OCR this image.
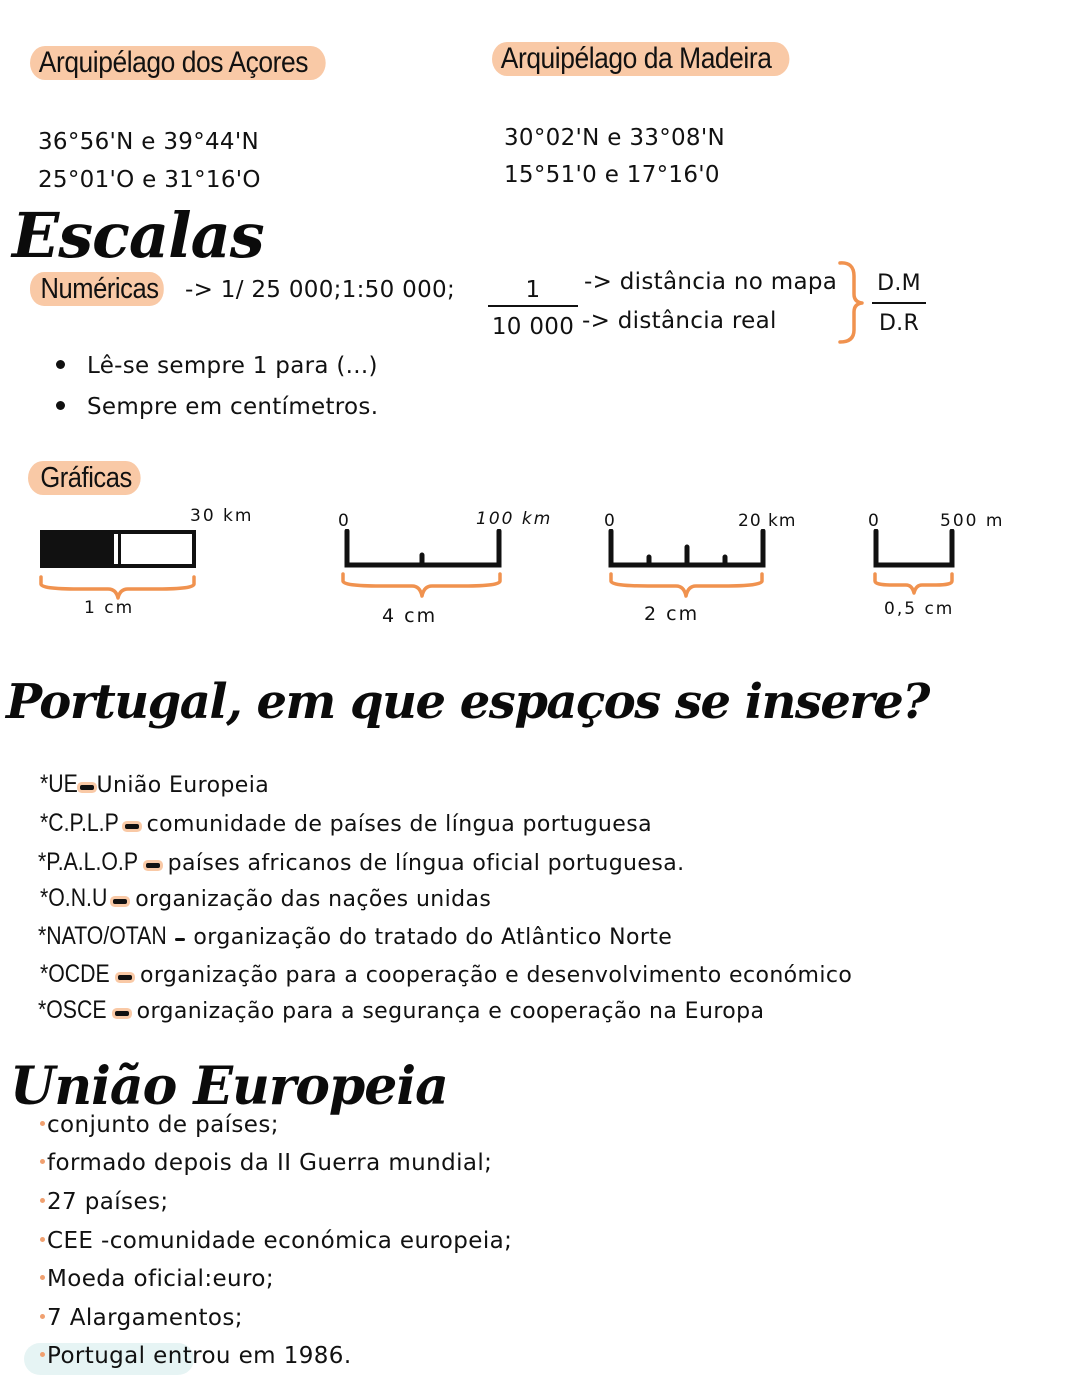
Arquipélago dos Açores
36°56'N e 39°44'N
25°01'O e 31°16'O
Arquipélago da Madeira
30°02'N e 33°08'N
15°51'0 e 17°16'0
Escalas
Numéricas	-> 1/ 25 000;1:50 000;	1
10 000
-> distância no mapa
-> distância real
D.M
D.R
Lê-se sempre 1 para (...)
Sempre em centímetros.
Gráficas
30 km
1 cm
0	100 km
4 cm
0	20 km
2 cm
0	500 m
0,5 cm
Portugal, em que espaços se insere?
*UE União Europeia
*C.P.L.P comunidade de países de língua portuguesa
*P.A.L.O.P países africanos de língua oficial portuguesa.
*O.N.U organização das nações unidas
*NATO/OTAN organização do tratado do Atlântico Norte
*OCDE organização para a cooperação e desenvolvimento económico
*OSCE organização para a segurança e cooperação na Europa
União Europeia
conjunto de países;
formado depois da II Guerra mundial;
27 países;
CEE -comunidade económica europeia;
Moeda oficial:euro;
7 Alargamentos;
Portugal entrou em 1986.
